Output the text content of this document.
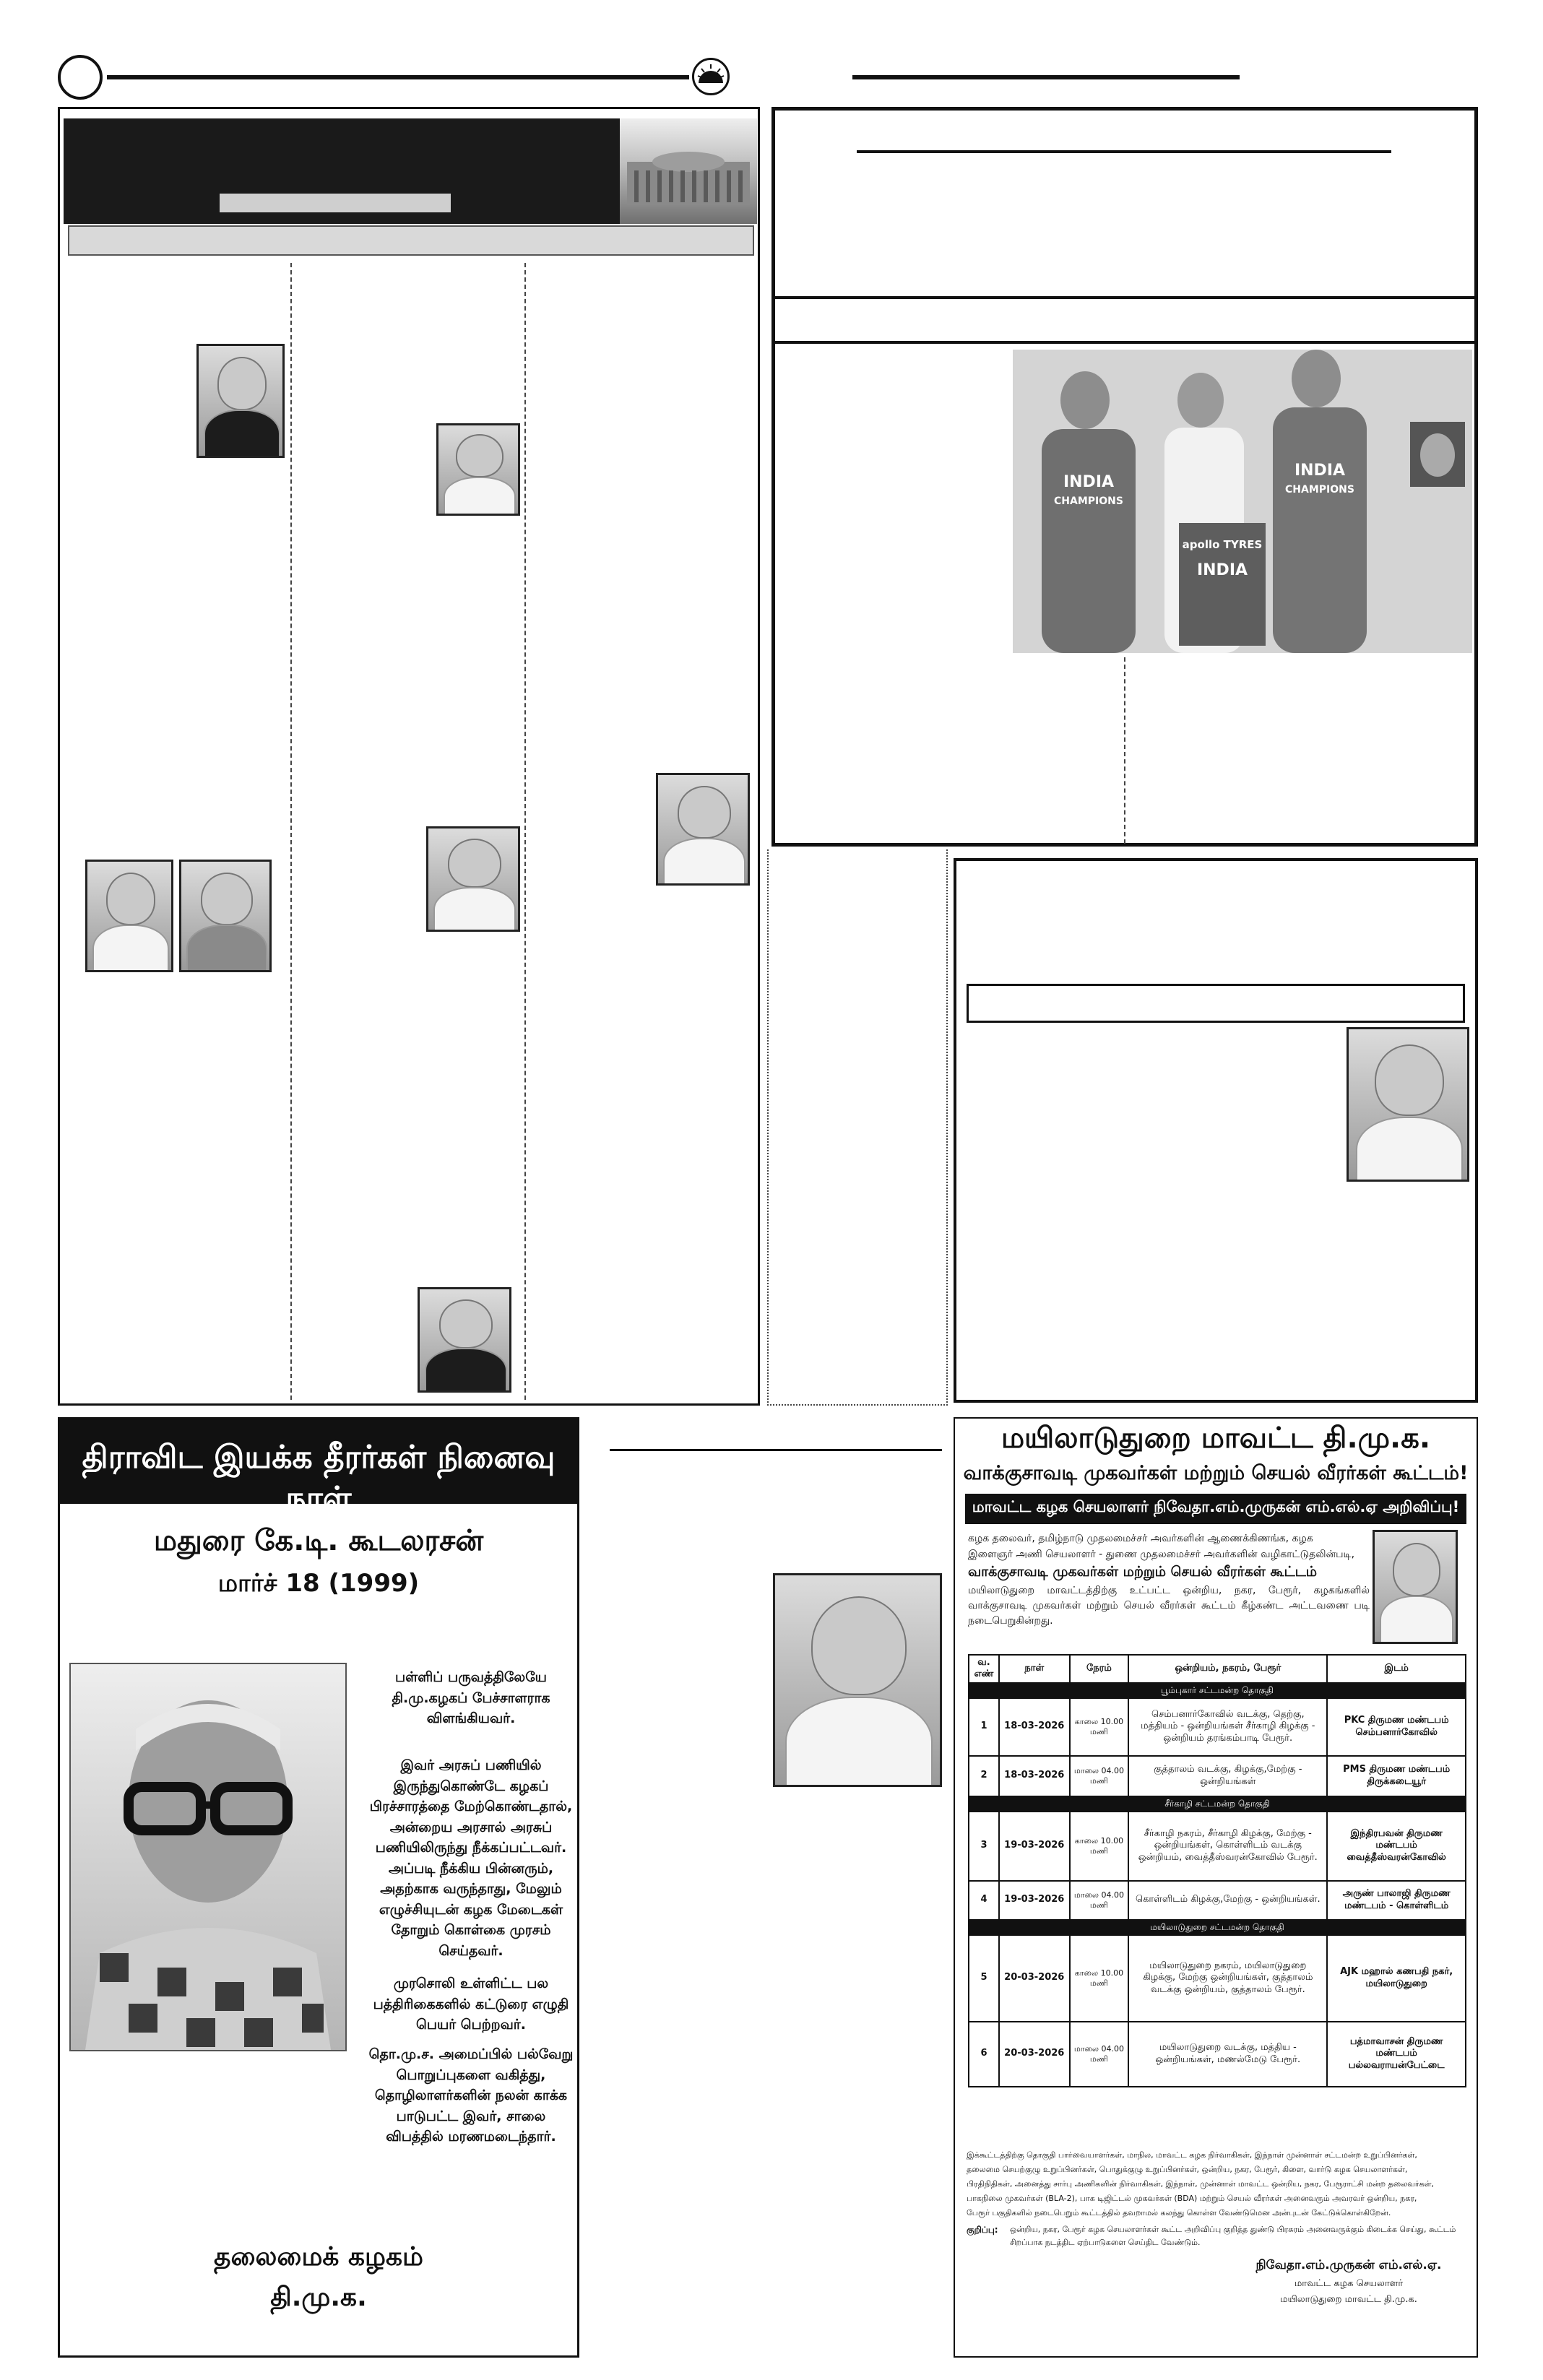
INDIA
CHAMPIONS
apollo TYRES
INDIA
INDIA
CHAMPIONS
திராவிட இயக்க தீரர்கள் நினைவு நாள்
மதுரை கே.டி. கூடலரசன்
மார்ச் 18 (1999)
பள்ளிப் பருவத்திலேயே தி.மு.கழகப் பேச்சாளராக விளங்கியவர்.
இவர் அரசுப் பணியில் இருந்துகொண்டே கழகப் பிரச்சாரத்தை மேற்கொண்டதால், அன்றைய அரசால் அரசுப் பணியிலிருந்து நீக்கப்பட்டவர். அப்படி நீக்கிய பின்னரும், அதற்காக வருந்தாது, மேலும் எழுச்சியுடன் கழக மேடைகள் தோறும் கொள்கை முரசம் செய்தவர்.
முரசொலி உள்ளிட்ட பல பத்திரிகைகளில் கட்டுரை எழுதி பெயர் பெற்றவர்.
தொ.மு.ச. அமைப்பில் பல்வேறு பொறுப்புகளை வகித்து, தொழிலாளர்களின் நலன் காக்க பாடுபட்ட இவர், சாலை விபத்தில் மரணமடைந்தார்.
தலைமைக் கழகம்
தி.மு.க.
மயிலாடுதுறை மாவட்ட தி.மு.க.
வாக்குசாவடி முகவர்கள் மற்றும் செயல் வீரர்கள் கூட்டம்!
மாவட்ட கழக செயலாளர் நிவேதா.எம்.முருகன் எம்.எல்.ஏ அறிவிப்பு!
கழக தலைவர், தமிழ்நாடு முதலமைச்சர் அவர்களின் ஆணைக்கிணங்க, கழக
இளைஞர் அணி செயலாளர் - துணை முதலமைச்சர் அவர்களின் வழிகாட்டுதலின்படி,
வாக்குசாவடி முகவர்கள் மற்றும் செயல் வீரர்கள் கூட்டம்
மயிலாடுதுறை மாவட்டத்திற்கு உட்பட்ட ஒன்றிய, நகர, பேரூர், கழகங்களில் வாக்குசாவடி முகவர்கள் மற்றும் செயல் வீரர்கள் கூட்டம் கீழ்கண்ட அட்டவணை படி நடைபெறுகின்றது.
வ. எண்	நாள்	நேரம்	ஒன்றியம், நகரம், பேரூர்	இடம்
பூம்புகார் சட்டமன்ற தொகுதி				
1	18-03-2026	காலை 10.00 மணி	செம்பனார்கோவில் வடக்கு, தெற்கு, மத்தியம் - ஒன்றியங்கள் சீர்காழி கிழக்கு - ஒன்றியம் தரங்கம்பாடி பேரூர்.	PKC திருமண மண்டபம் செம்பனார்கோவில்
2	18-03-2026	மாலை 04.00 மணி	குத்தாலம் வடக்கு, கிழக்கு,மேற்கு - ஒன்றியங்கள்	PMS திருமண மண்டபம் திருக்கடையூர்
சீர்காழி சட்டமன்ற தொகுதி				
3	19-03-2026	காலை 10.00 மணி	சீர்காழி நகரம், சீர்காழி கிழக்கு, மேற்கு - ஒன்றியங்கள், கொள்ளிடம் வடக்கு ஒன்றியம், வைத்தீஸ்வரன்கோவில் பேரூர்.	இந்திரபவன் திருமண மண்டபம் வைத்தீஸ்வரன்கோவில்
4	19-03-2026	மாலை 04.00 மணி	கொள்ளிடம் கிழக்கு,மேற்கு - ஒன்றியங்கள்.	அருண் பாலாஜி திருமண மண்டபம் - கொள்ளிடம்
மயிலாடுதுறை சட்டமன்ற தொகுதி				
5	20-03-2026	காலை 10.00 மணி	மயிலாடுதுறை நகரம், மயிலாடுதுறை கிழக்கு, மேற்கு ஒன்றியங்கள், குத்தாலம் வடக்கு ஒன்றியம், குத்தாலம் பேரூர்.	AJK மஹால் கணபதி நகர், மயிலாடுதுறை
6	20-03-2026	மாலை 04.00 மணி	மயிலாடுதுறை வடக்கு, மத்திய - ஒன்றியங்கள், மணல்மேடு பேரூர்.	பத்மாவாசன் திருமண மண்டபம் பல்லவராயன்பேட்டை
இக்கூட்டத்திற்கு தொகுதி பார்வையாளர்கள், மாநில, மாவட்ட கழக நிர்வாகிகள், இந்நாள் முன்னாள் சட்டமன்ற உறுப்பினர்கள்,
தலைமை செயற்குழு உறுப்பினர்கள், பொதுக்குழு உறுப்பினர்கள், ஒன்றிய, நகர, பேரூர், கிளை, வார்டு கழக செயலாளர்கள்,
பிரதிநிதிகள், அனைத்து சார்பு அணிகளின் நிர்வாகிகள், இந்நாள், முன்னாள் மாவட்ட ஒன்றிய, நகர, பேரூராட்சி மன்ற தலைவர்கள்,
பாகநிலை முகவர்கள் (BLA-2), பாக டிஜிட்டல் முகவர்கள் (BDA) மற்றும் செயல் வீரர்கள் அனைவரும் அவரவர் ஒன்றிய, நகர,
பேரூர் பகுதிகளில் நடைபெறும் கூட்டத்தில் தவறாமல் கலந்து கொள்ள வேண்டுமென அன்புடன் கேட்டுக்கொள்கிறேன்.
குறிப்பு:	ஒன்றிய, நகர, பேரூர் கழக செயலாளர்கள் கூட்ட அறிவிப்பு குறித்த துண்டு பிரசுரம் அனைவருக்கும் கிடைக்க செய்து, கூட்டம் சிறப்பாக நடத்திட ஏற்பாடுகளை செய்திட வேண்டும்.
நிவேதா.எம்.முருகன் எம்.எல்.ஏ.
மாவட்ட கழக செயலாளர்
மயிலாடுதுறை மாவட்ட தி.மு.க.
